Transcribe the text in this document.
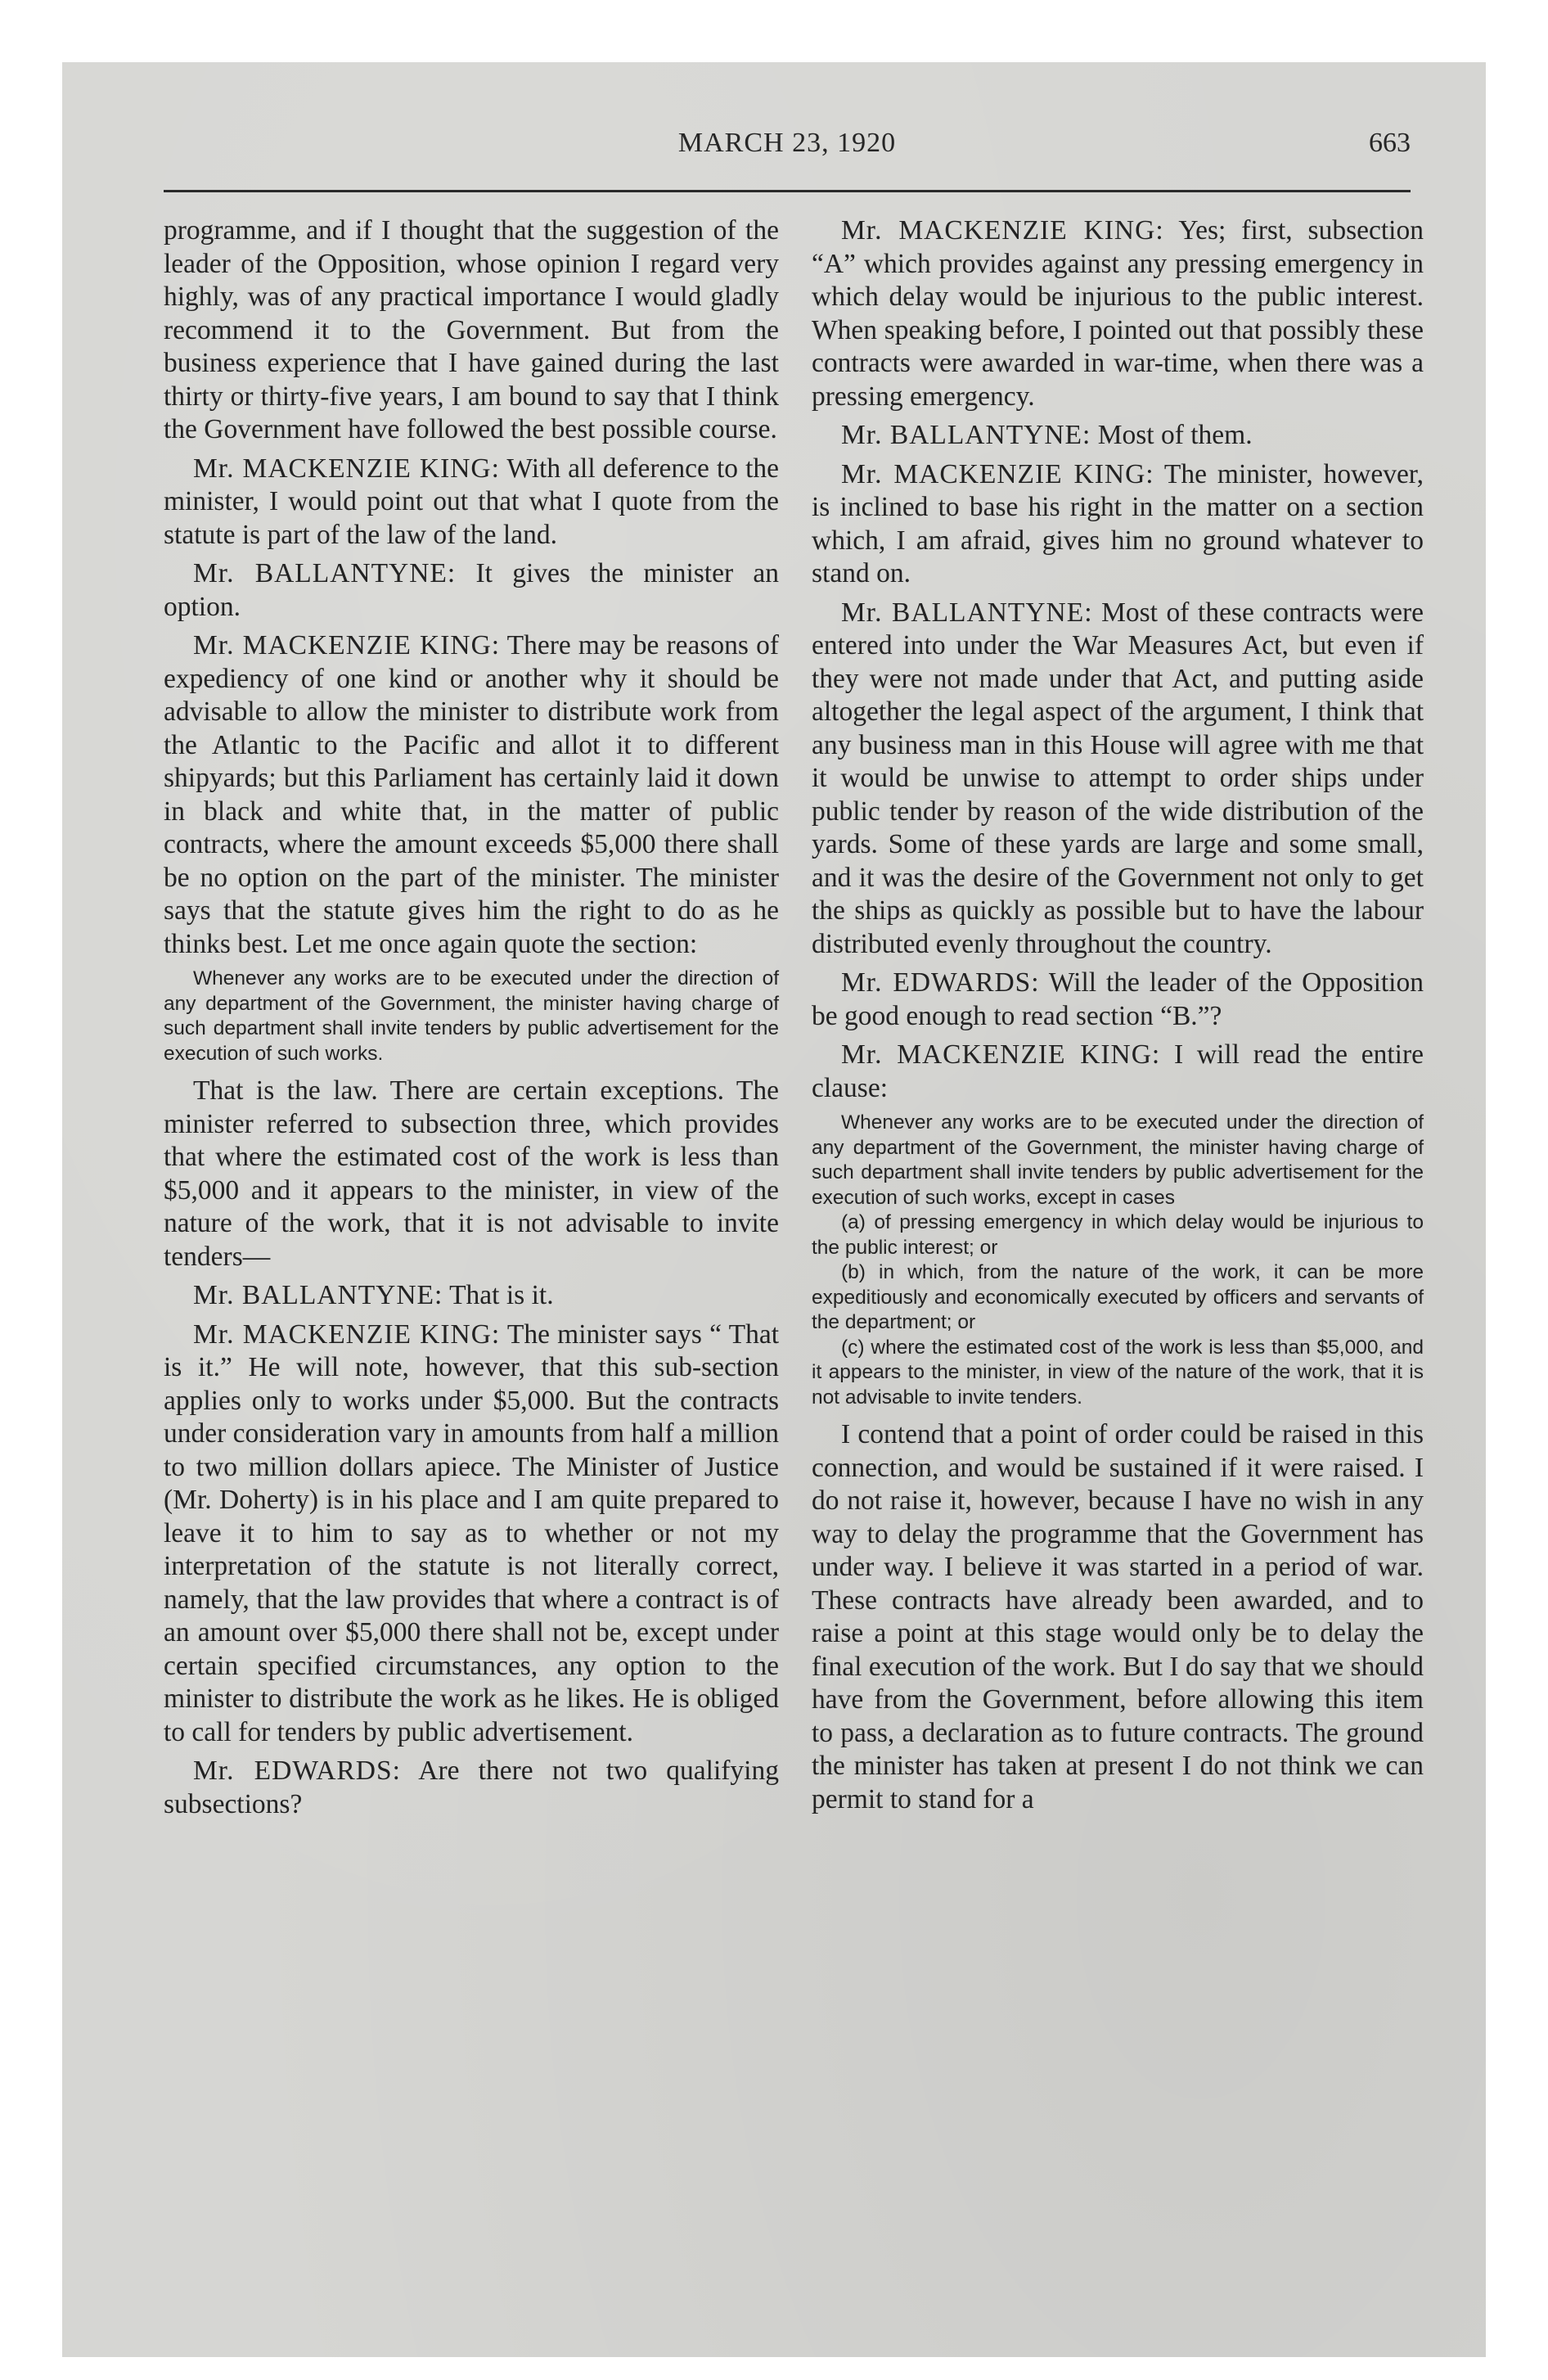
MARCH 23, 1920	663

programme, and if I thought that the suggestion of the leader of the Opposition, whose opinion I regard very highly, was of any practical importance I would gladly recommend it to the Government. But from the business experience that I have gained during the last thirty or thirty-five years, I am bound to say that I think the Government have followed the best possible course.

Mr. MACKENZIE KING: With all deference to the minister, I would point out that what I quote from the statute is part of the law of the land.

Mr. BALLANTYNE: It gives the minister an option.

Mr. MACKENZIE KING: There may be reasons of expediency of one kind or another why it should be advisable to allow the minister to distribute work from the Atlantic to the Pacific and allot it to different shipyards; but this Parliament has certainly laid it down in black and white that, in the matter of public contracts, where the amount exceeds $5,000 there shall be no option on the part of the minister. The minister says that the statute gives him the right to do as he thinks best. Let me once again quote the section:

Whenever any works are to be executed under the direction of any department of the Government, the minister having charge of such department shall invite tenders by public advertisement for the execution of such works.

That is the law. There are certain exceptions. The minister referred to subsection three, which provides that where the estimated cost of the work is less than $5,000 and it appears to the minister, in view of the nature of the work, that it is not advisable to invite tenders—

Mr. BALLANTYNE: That is it.

Mr. MACKENZIE KING: The minister says “ That is it.” He will note, however, that this sub-section applies only to works under $5,000. But the contracts under consideration vary in amounts from half a million to two million dollars apiece. The Minister of Justice (Mr. Doherty) is in his place and I am quite prepared to leave it to him to say as to whether or not my interpretation of the statute is not literally correct, namely, that the law provides that where a contract is of an amount over $5,000 there shall not be, except under certain specified circumstances, any option to the minister to distribute the work as he likes. He is obliged to call for tenders by public advertisement.

Mr. EDWARDS: Are there not two qualifying subsections?

Mr. MACKENZIE KING: Yes; first, subsection “A” which provides against any pressing emergency in which delay would be injurious to the public interest. When speaking before, I pointed out that possibly these contracts were awarded in war-time, when there was a pressing emergency.

Mr. BALLANTYNE: Most of them.

Mr. MACKENZIE KING: The minister, however, is inclined to base his right in the matter on a section which, I am afraid, gives him no ground whatever to stand on.

Mr. BALLANTYNE: Most of these contracts were entered into under the War Measures Act, but even if they were not made under that Act, and putting aside altogether the legal aspect of the argument, I think that any business man in this House will agree with me that it would be unwise to attempt to order ships under public tender by reason of the wide distribution of the yards. Some of these yards are large and some small, and it was the desire of the Government not only to get the ships as quickly as possible but to have the labour distributed evenly throughout the country.

Mr. EDWARDS: Will the leader of the Opposition be good enough to read section “B.”?

Mr. MACKENZIE KING: I will read the entire clause:

Whenever any works are to be executed under the direction of any department of the Government, the minister having charge of such department shall invite tenders by public advertisement for the execution of such works, except in cases
(a) of pressing emergency in which delay would be injurious to the public interest; or
(b) in which, from the nature of the work, it can be more expeditiously and economically executed by officers and servants of the department; or
(c) where the estimated cost of the work is less than $5,000, and it appears to the minister, in view of the nature of the work, that it is not advisable to invite tenders.

I contend that a point of order could be raised in this connection, and would be sustained if it were raised. I do not raise it, however, because I have no wish in any way to delay the programme that the Government has under way. I believe it was started in a period of war. These contracts have already been awarded, and to raise a point at this stage would only be to delay the final execution of the work. But I do say that we should have from the Government, before allowing this item to pass, a declaration as to future contracts. The ground the minister has taken at present I do not think we can permit to stand for a
